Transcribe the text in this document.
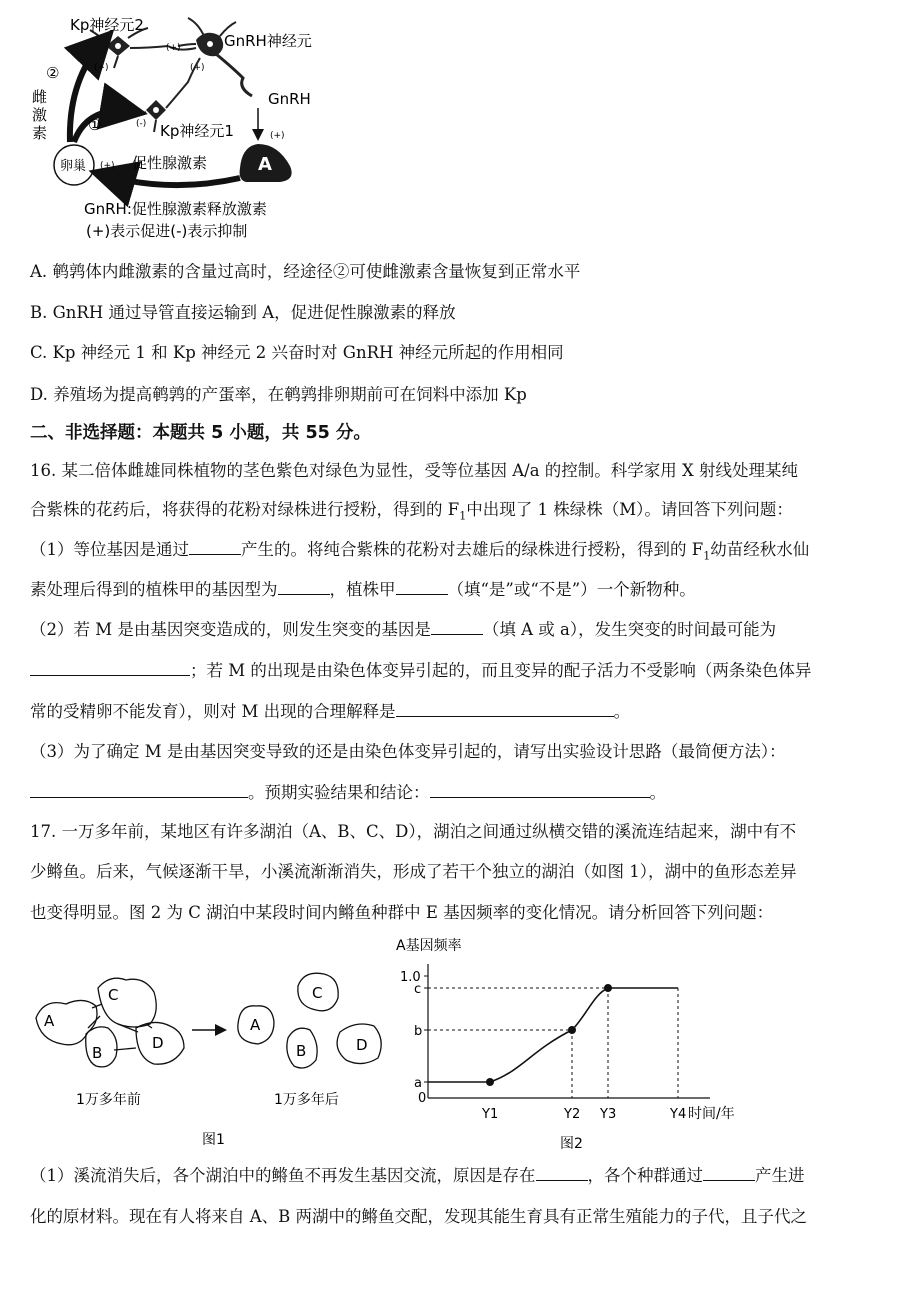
Kp神经元2
GnRH神经元
GnRH
Kp神经元1
②
①
雌
激
素
卵巢	促性腺激素	A
(+)
(+)	(+)
(+)
(+)
(-)
GnRH:促性腺激素释放激素
(+)表示促进(-)表示抑制
A. 鹌鹑体内雌激素的含量过高时，经途径②可使雌激素含量恢复到正常水平
B. GnRH 通过导管直接运输到 A，促进促性腺激素的释放
C. Kp 神经元 1 和 Kp 神经元 2 兴奋时对 GnRH 神经元所起的作用相同
D. 养殖场为提高鹌鹑的产蛋率，在鹌鹑排卵期前可在饲料中添加 Kp
二、非选择题：本题共 5 小题，共 55 分。
16. 某二倍体雌雄同株植物的茎色紫色对绿色为显性，受等位基因 A/a 的控制。科学家用 X 射线处理某纯
合紫株的花药后，将获得的花粉对绿株进行授粉，得到的 $F_1$中出现了 1 株绿株（M）。请回答下列问题：
（1）等位基因是通过	产生的。将纯合紫株的花粉对去雄后的绿株进行授粉，得到的 $F_1$幼苗经秋水仙
素处理后得到的植株甲的基因型为	，植株甲	（填“是”或“不是”）一个新物种。
（2）若 M 是由基因突变造成的，则发生突变的基因是	（填 A 或 a），发生突变的时间最可能为
；若 M 的出现是由染色体变异引起的，而且变异的配子活力不受影响（两条染色体异
常的受精卵不能发育），则对 M 出现的合理解释是	。
（3）为了确定 M 是由基因突变导致的还是由染色体变异引起的，请写出实验设计思路（最简便方法）：
。预期实验结果和结论：	。
17. 一万多年前，某地区有许多湖泊（A、B、C、D），湖泊之间通过纵横交错的溪流连结起来，湖中有不
少鳉鱼。后来，气候逐渐干旱，小溪流渐渐消失，形成了若干个独立的湖泊（如图 1），湖中的鱼形态差异
也变得明显。图 2 为 C 湖泊中某段时间内鳉鱼种群中 E 基因频率的变化情况。请分析回答下列问题：
A
C
B
D
A
C
B	D
1万多年前	1万多年后
图1
A基因频率
时间/年
a
b
c
1.0
0
Y1	Y2 Y3	Y4
图2
（1）溪流消失后，各个湖泊中的鳉鱼不再发生基因交流，原因是存在	，各个种群通过	产生进
化的原材料。现在有人将来自 A、B 两湖中的鳉鱼交配，发现其能生育具有正常生殖能力的子代，且子代之
